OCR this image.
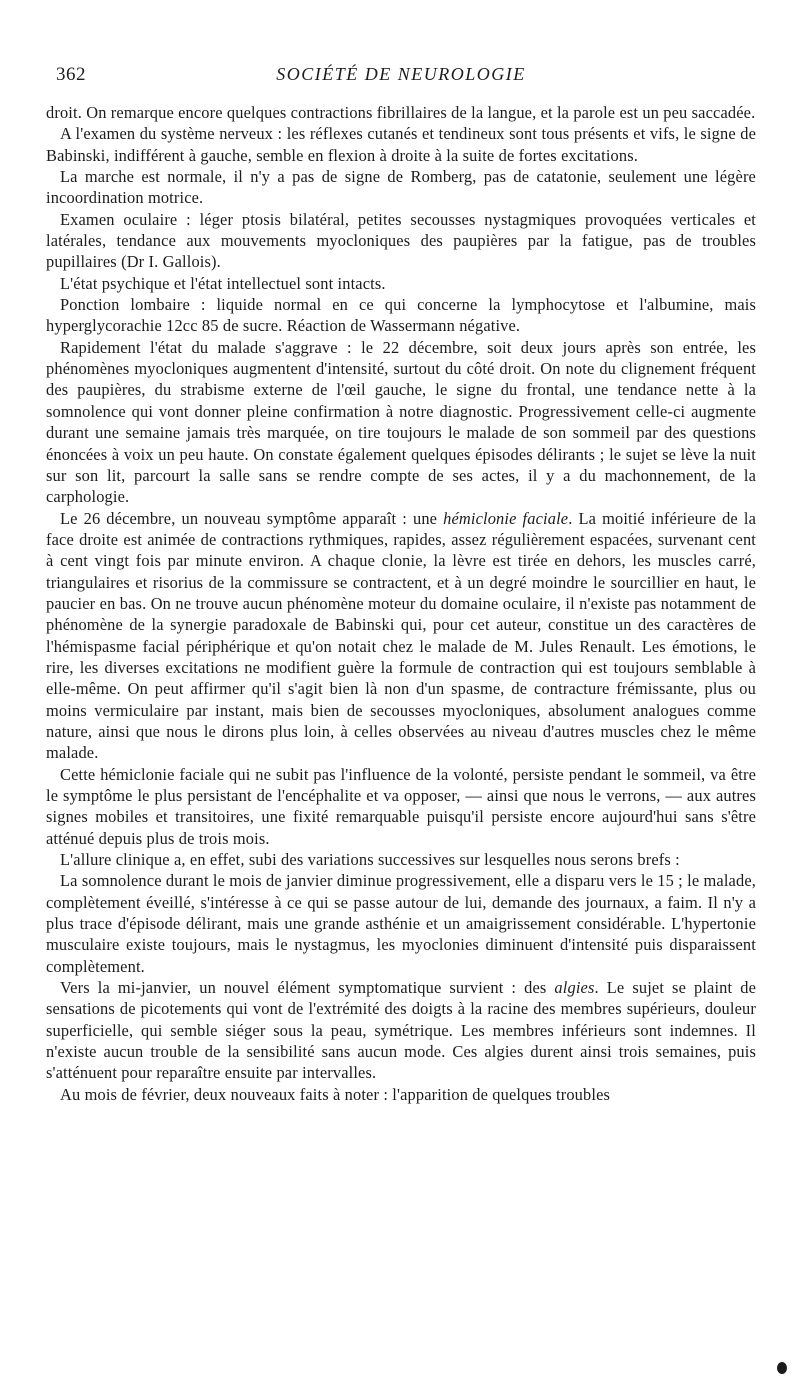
362	SOCIÉTÉ DE NEUROLOGIE

droit. On remarque encore quelques contractions fibrillaires de la langue, et la parole est un peu saccadée.

A l'examen du système nerveux : les réflexes cutanés et tendineux sont tous présents et vifs, le signe de Babinski, indifférent à gauche, semble en flexion à droite à la suite de fortes excitations.

La marche est normale, il n'y a pas de signe de Romberg, pas de catatonie, seulement une légère incoordination motrice.

Examen oculaire : léger ptosis bilatéral, petites secousses nystagmiques provoquées verticales et latérales, tendance aux mouvements myocloniques des paupières par la fatigue, pas de troubles pupillaires (Dr I. Gallois).

L'état psychique et l'état intellectuel sont intacts.

Ponction lombaire : liquide normal en ce qui concerne la lymphocytose et l'albumine, mais hyperglycorachie 12cc 85 de sucre. Réaction de Wassermann négative.

Rapidement l'état du malade s'aggrave : le 22 décembre, soit deux jours après son entrée, les phénomènes myocloniques augmentent d'intensité, surtout du côté droit. On note du clignement fréquent des paupières, du strabisme externe de l'œil gauche, le signe du frontal, une tendance nette à la somnolence qui vont donner pleine confirmation à notre diagnostic. Progressivement celle-ci augmente durant une semaine jamais très marquée, on tire toujours le malade de son sommeil par des questions énoncées à voix un peu haute. On constate également quelques épisodes délirants ; le sujet se lève la nuit sur son lit, parcourt la salle sans se rendre compte de ses actes, il y a du machonnement, de la carphologie.

Le 26 décembre, un nouveau symptôme apparaît : une hémiclonie faciale. La moitié inférieure de la face droite est animée de contractions rythmiques, rapides, assez régulièrement espacées, survenant cent à cent vingt fois par minute environ. A chaque clonie, la lèvre est tirée en dehors, les muscles carré, triangulaires et risorius de la commissure se contractent, et à un degré moindre le sourcillier en haut, le paucier en bas. On ne trouve aucun phénomène moteur du domaine oculaire, il n'existe pas notamment de phénomène de la synergie paradoxale de Babinski qui, pour cet auteur, constitue un des caractères de l'hémispasme facial périphérique et qu'on notait chez le malade de M. Jules Renault. Les émotions, le rire, les diverses excitations ne modifient guère la formule de contraction qui est toujours semblable à elle-même. On peut affirmer qu'il s'agit bien là non d'un spasme, de contracture frémissante, plus ou moins vermiculaire par instant, mais bien de secousses myocloniques, absolument analogues comme nature, ainsi que nous le dirons plus loin, à celles observées au niveau d'autres muscles chez le même malade.

Cette hémiclonie faciale qui ne subit pas l'influence de la volonté, persiste pendant le sommeil, va être le symptôme le plus persistant de l'encéphalite et va opposer, — ainsi que nous le verrons, — aux autres signes mobiles et transitoires, une fixité remarquable puisqu'il persiste encore aujourd'hui sans s'être atténué depuis plus de trois mois.

L'allure clinique a, en effet, subi des variations successives sur lesquelles nous serons brefs :

La somnolence durant le mois de janvier diminue progressivement, elle a disparu vers le 15 ; le malade, complètement éveillé, s'intéresse à ce qui se passe autour de lui, demande des journaux, a faim. Il n'y a plus trace d'épisode délirant, mais une grande asthénie et un amaigrissement considérable. L'hypertonie musculaire existe toujours, mais le nystagmus, les myoclonies diminuent d'intensité puis disparaissent complètement.

Vers la mi-janvier, un nouvel élément symptomatique survient : des algies. Le sujet se plaint de sensations de picotements qui vont de l'extrémité des doigts à la racine des membres supérieurs, douleur superficielle, qui semble siéger sous la peau, symétrique. Les membres inférieurs sont indemnes. Il n'existe aucun trouble de la sensibilité sans aucun mode. Ces algies durent ainsi trois semaines, puis s'atténuent pour reparaître ensuite par intervalles.

Au mois de février, deux nouveaux faits à noter : l'apparition de quelques troubles
